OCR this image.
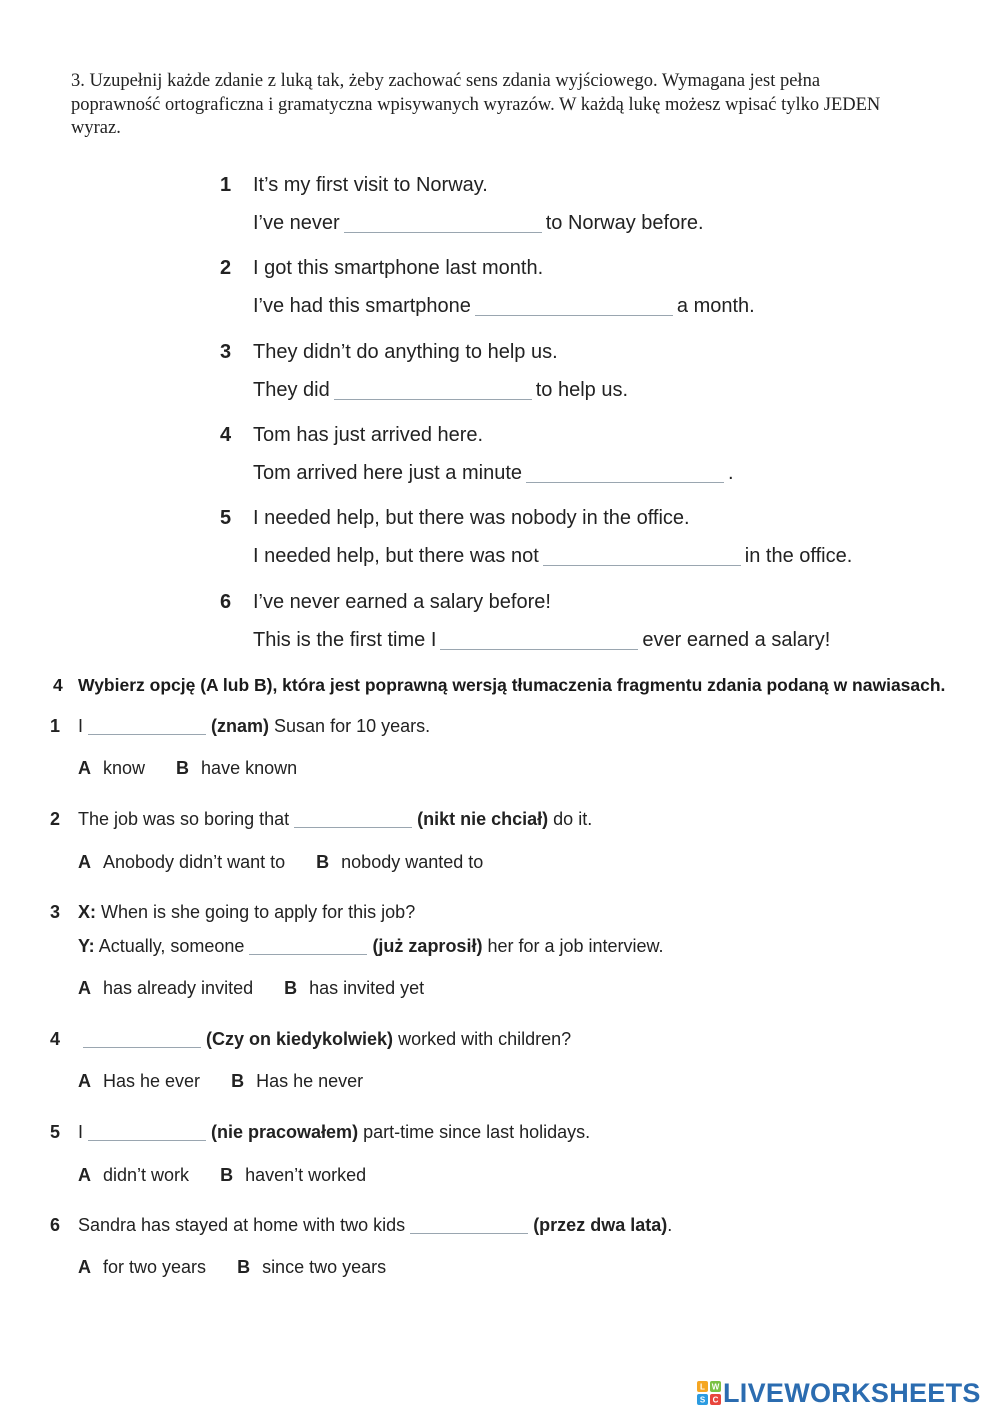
3. Uzupełnij każde zdanie z luką tak, żeby zachować sens zdania wyjściowego. Wymagana jest pełna poprawność ortograficzna i gramatyczna wpisywanych wyrazów. W każdą lukę możesz wpisać tylko JEDEN wyraz.

1 It’s my first visit to Norway.
I’ve never	to Norway before.
2 I got this smartphone last month.
I’ve had this smartphone	a month.
3 They didn’t do anything to help us.
They did	to help us.
4 Tom has just arrived here.
Tom arrived here just a minute	.
5 I needed help, but there was nobody in the office.
I needed help, but there was not	in the office.
6 I’ve never earned a salary before!
This is the first time I	ever earned a salary!
4 Wybierz opcję (A lub B), która jest poprawną wersją tłumaczenia fragmentu zdania podaną w nawiasach.
1 I	(znam) Susan for 10 years.
A know B have known
2 The job was so boring that	(nikt nie chciał) do it.
A Anobody didn’t want to B nobody wanted to
3 X: When is she going to apply for this job?
Y: Actually, someone	(już zaprosił) her for a job interview.
A has already invited B has invited yet
4	(Czy on kiedykolwiek) worked with children?
A Has he ever B Has he never
5 I	(nie pracowałem) part-time since last holidays.
A didn’t work B haven’t worked
6 Sandra has stayed at home with two kids	(przez dwa lata).
A for two years B since two years
L W
S C LIVEWORKSHEETS
